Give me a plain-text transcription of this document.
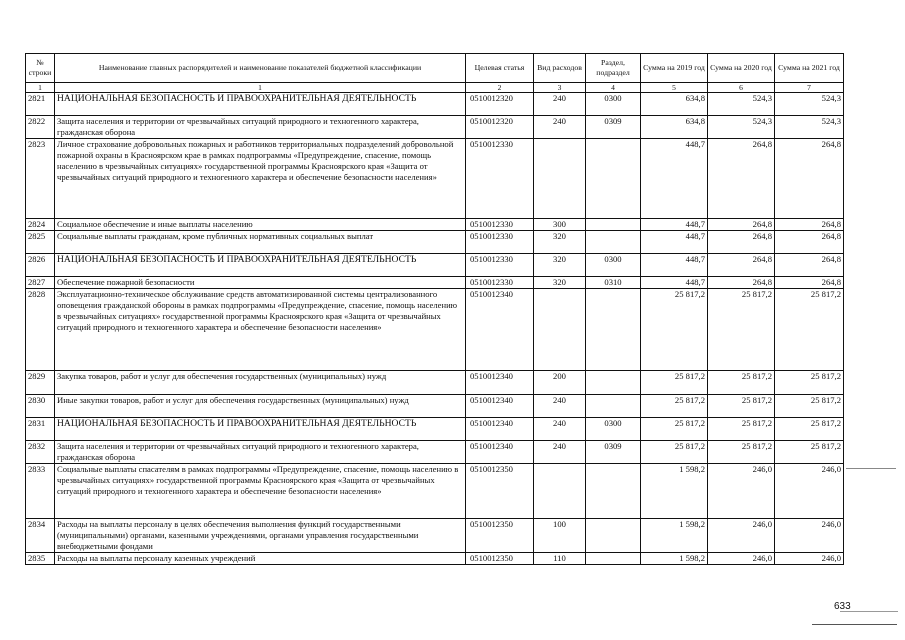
№ строки	Наименование главных распорядителей и наименование показателей бюджетной классификации	Целевая статья	Вид расходов	Раздел, подраздел	Сумма на 2019 год	Сумма на 2020 год	Сумма на 2021 год
1	1	2	3	4	5	6	7
2821	НАЦИОНАЛЬНАЯ БЕЗОПАСНОСТЬ И ПРАВООХРАНИТЕЛЬНАЯ ДЕЯТЕЛЬНОСТЬ	0510012320	240	0300	634,8	524,3	524,3
2822	Защита населения и территории от чрезвычайных ситуаций природного и техногенного характера, гражданская оборона	0510012320	240	0309	634,8	524,3	524,3
2823	Личное страхование добровольных пожарных и работников территориальных подразделений добровольной пожарной охраны в Красноярском крае в рамках подпрограммы «Предупреждение, спасение, помощь населению в чрезвычайных ситуациях» государственной программы Красноярского края «Защита от чрезвычайных ситуаций природного и техногенного характера и обеспечение безопасности населения»	0510012330			448,7	264,8	264,8
2824	Социальное обеспечение и иные выплаты населению	0510012330	300		448,7	264,8	264,8
2825	Социальные выплаты гражданам, кроме публичных нормативных социальных выплат	0510012330	320		448,7	264,8	264,8
2826	НАЦИОНАЛЬНАЯ БЕЗОПАСНОСТЬ И ПРАВООХРАНИТЕЛЬНАЯ ДЕЯТЕЛЬНОСТЬ	0510012330	320	0300	448,7	264,8	264,8
2827	Обеспечение пожарной безопасности	0510012330	320	0310	448,7	264,8	264,8
2828	Эксплуатационно-техническое обслуживание средств автоматизированной системы централизованного оповещения гражданской обороны в рамках подпрограммы «Предупреждение, спасение, помощь населению в чрезвычайных ситуациях» государственной программы Красноярского края «Защита от чрезвычайных ситуаций природного и техногенного характера и обеспечение безопасности населения»	0510012340			25 817,2	25 817,2	25 817,2
2829	Закупка товаров, работ и услуг для обеспечения государственных (муниципальных) нужд	0510012340	200		25 817,2	25 817,2	25 817,2
2830	Иные закупки товаров, работ и услуг для обеспечения государственных (муниципальных) нужд	0510012340	240		25 817,2	25 817,2	25 817,2
2831	НАЦИОНАЛЬНАЯ БЕЗОПАСНОСТЬ И ПРАВООХРАНИТЕЛЬНАЯ ДЕЯТЕЛЬНОСТЬ	0510012340	240	0300	25 817,2	25 817,2	25 817,2
2832	Защита населения и территории от чрезвычайных ситуаций природного и техногенного характера, гражданская оборона	0510012340	240	0309	25 817,2	25 817,2	25 817,2
2833	Социальные выплаты спасателям в рамках подпрограммы «Предупреждение, спасение, помощь населению в чрезвычайных ситуациях» государственной программы Красноярского края «Защита от чрезвычайных ситуаций природного и техногенного характера и обеспечение безопасности населения»	0510012350			1 598,2	246,0	246,0
2834	Расходы на выплаты персоналу в целях обеспечения выполнения функций государственными (муниципальными) органами, казенными учреждениями, органами управления государственными внебюджетными фондами	0510012350	100		1 598,2	246,0	246,0
2835	Расходы на выплаты персоналу казенных учреждений	0510012350	110		1 598,2	246,0	246,0
633
